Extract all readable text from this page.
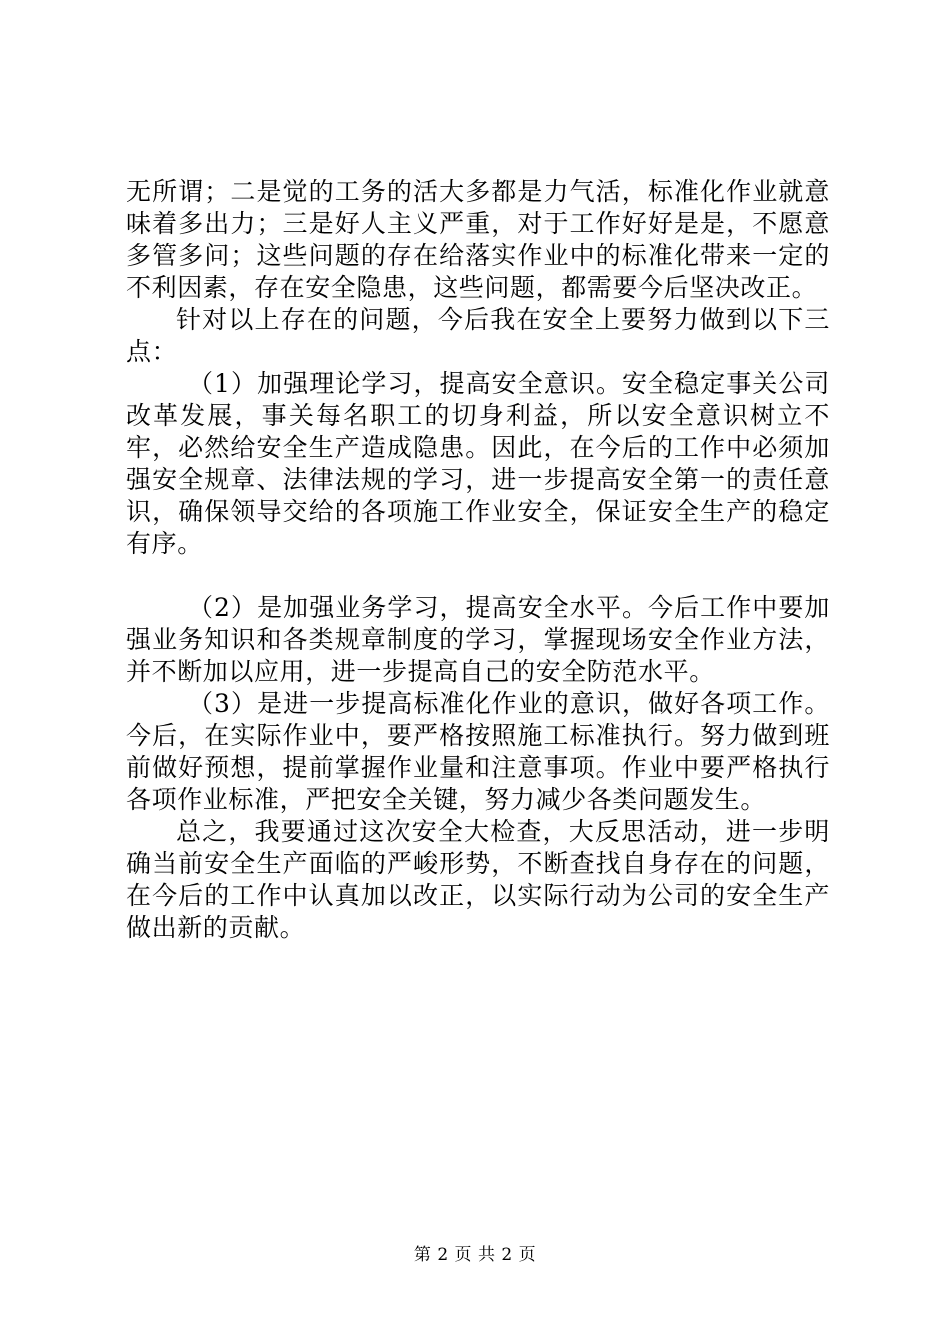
无所谓；二是觉的工务的活大多都是力气活，标准化作业就意味着多出力；三是好人主义严重，对于工作好好是是，不愿意多管多问；这些问题的存在给落实作业中的标准化带来一定的不利因素，存在安全隐患，这些问题，都需要今后坚决改正。

针对以上存在的问题，今后我在安全上要努力做到以下三点：

（1）加强理论学习，提高安全意识。安全稳定事关公司改革发展，事关每名职工的切身利益，所以安全意识树立不牢，必然给安全生产造成隐患。因此，在今后的工作中必须加强安全规章、法律法规的学习，进一步提高安全第一的责任意识，确保领导交给的各项施工作业安全，保证安全生产的稳定有序。

（2）是加强业务学习，提高安全水平。今后工作中要加强业务知识和各类规章制度的学习，掌握现场安全作业方法，并不断加以应用，进一步提高自己的安全防范水平。

（3）是进一步提高标准化作业的意识，做好各项工作。今后，在实际作业中，要严格按照施工标准执行。努力做到班前做好预想，提前掌握作业量和注意事项。作业中要严格执行各项作业标准，严把安全关键，努力减少各类问题发生。

总之，我要通过这次安全大检查，大反思活动，进一步明确当前安全生产面临的严峻形势，不断查找自身存在的问题，在今后的工作中认真加以改正，以实际行动为公司的安全生产做出新的贡献。

第 2 页 共 2 页
